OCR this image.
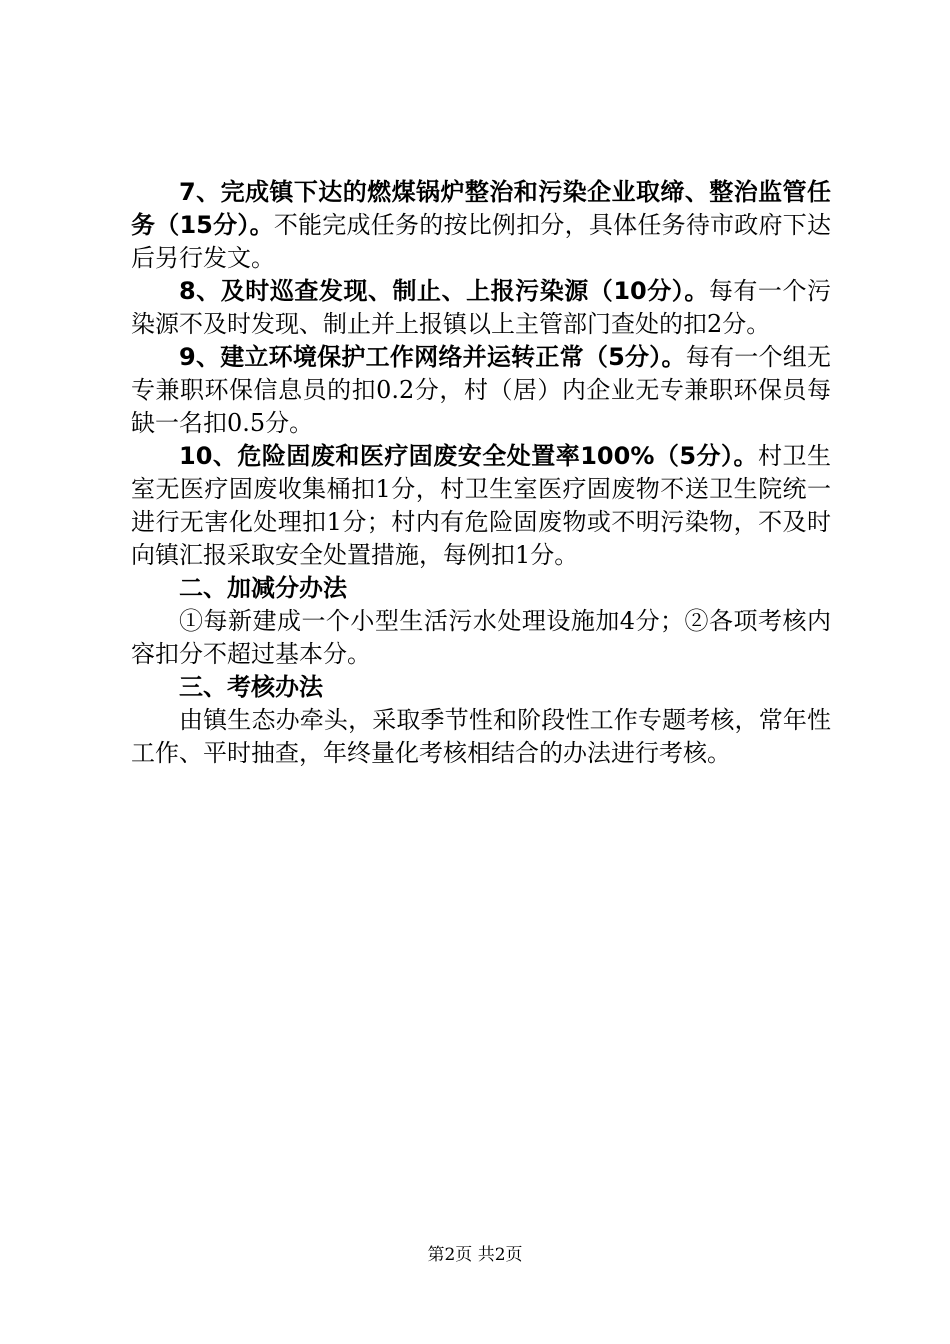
7、完成镇下达的燃煤锅炉整治和污染企业取缔、整治监管任务（15分）。不能完成任务的按比例扣分，具体任务待市政府下达后另行发文。

8、及时巡查发现、制止、上报污染源（10分）。每有一个污染源不及时发现、制止并上报镇以上主管部门查处的扣2分。

9、建立环境保护工作网络并运转正常（5分）。每有一个组无专兼职环保信息员的扣0.2分，村（居）内企业无专兼职环保员每缺一名扣0.5分。

10、危险固废和医疗固废安全处置率100%（5分）。村卫生室无医疗固废收集桶扣1分，村卫生室医疗固废物不送卫生院统一进行无害化处理扣1分；村内有危险固废物或不明污染物，不及时向镇汇报采取安全处置措施，每例扣1分。

二、加减分办法

①每新建成一个小型生活污水处理设施加4分；②各项考核内容扣分不超过基本分。

三、考核办法

由镇生态办牵头，采取季节性和阶段性工作专题考核，常年性工作、平时抽查，年终量化考核相结合的办法进行考核。

第2页 共2页
